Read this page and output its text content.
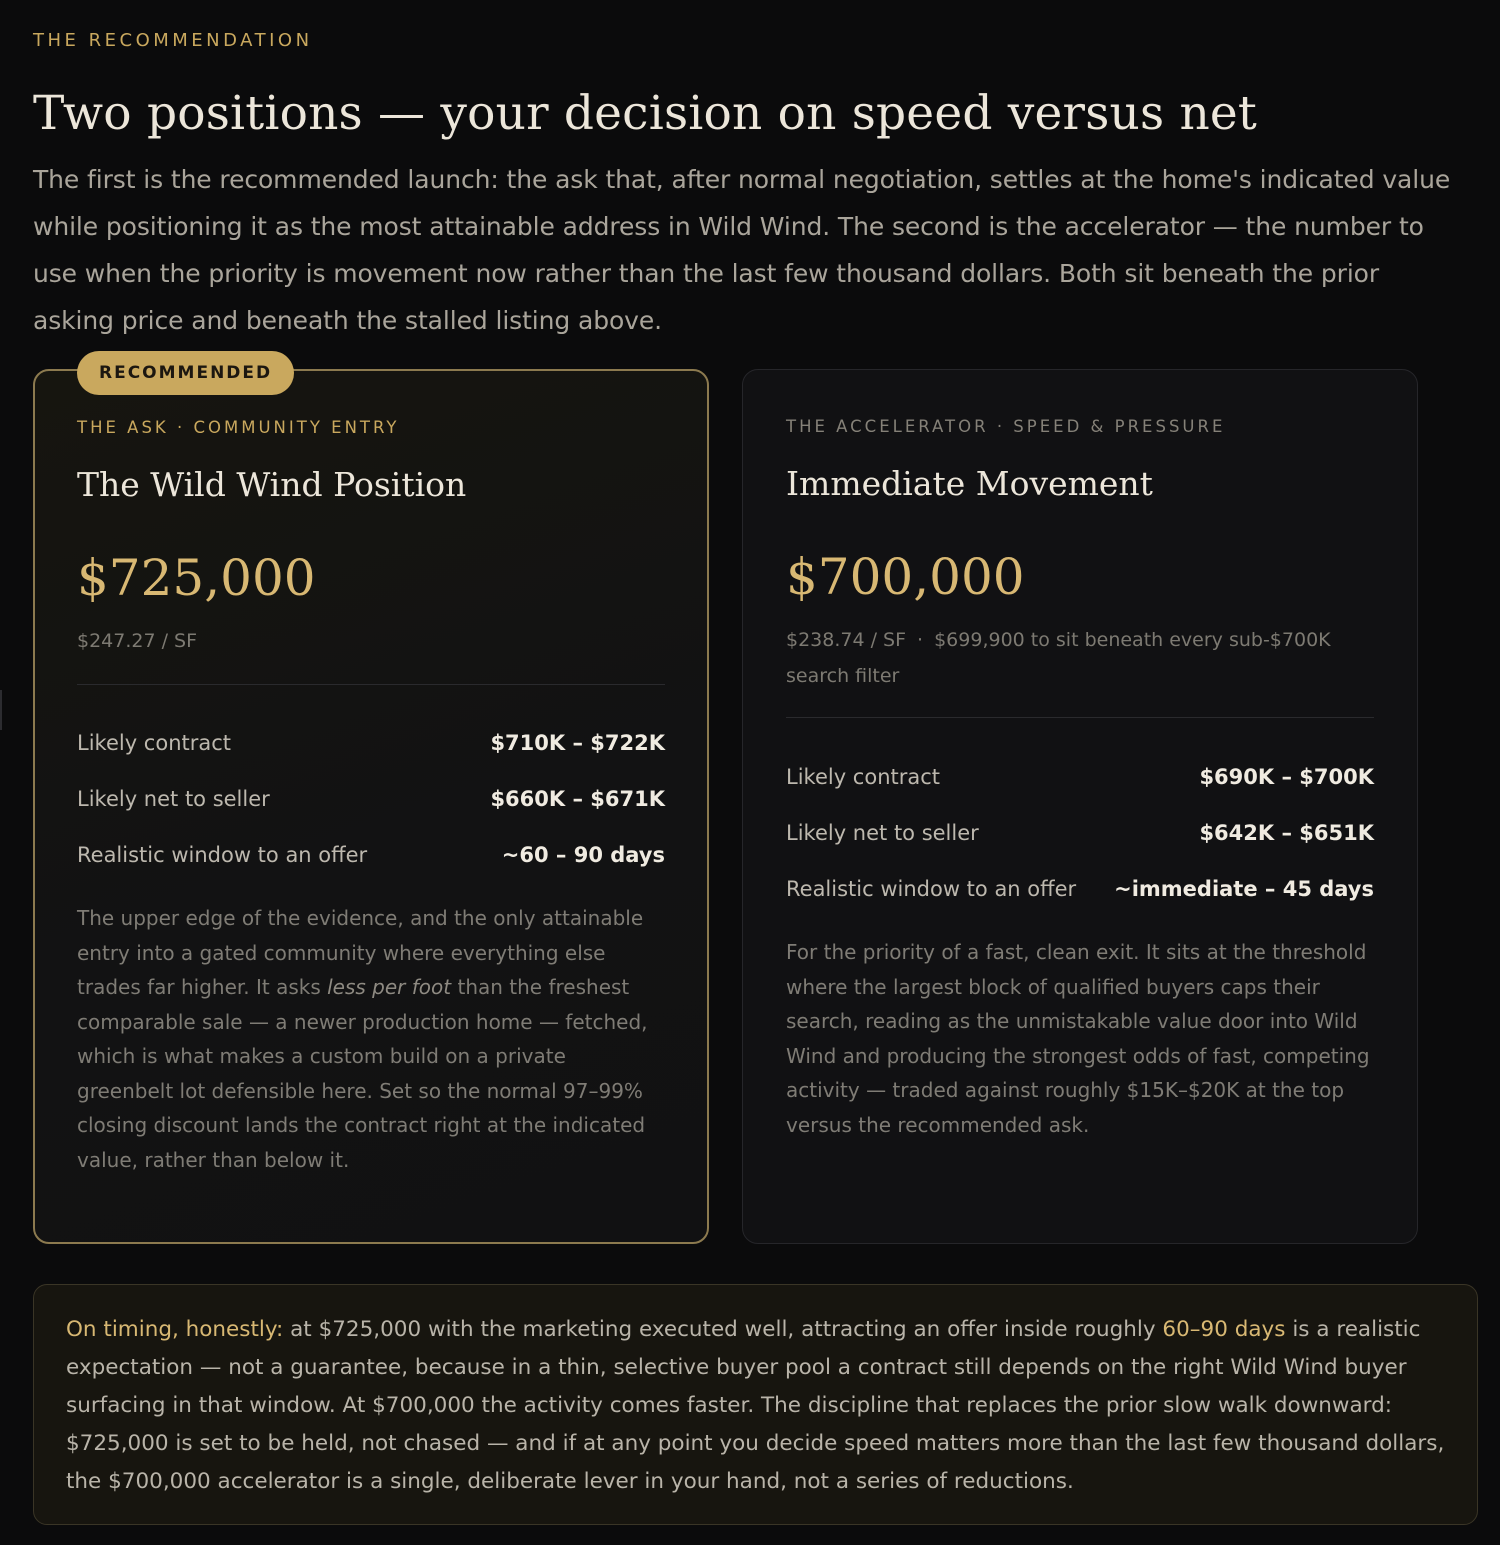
THE RECOMMENDATION
Two positions — your decision on speed versus net

The first is the recommended launch: the ask that, after normal negotiation, settles at the home's indicated value while positioning it as the most attainable address in Wild Wind. The second is the accelerator — the number to use when the priority is movement now rather than the last few thousand dollars. Both sit beneath the prior asking price and beneath the stalled listing above.

RECOMMENDED
THE ASK · COMMUNITY ENTRY
The Wild Wind Position
$725,000
$247.27 / SF
Likely contract	$710K – $722K
Likely net to seller	$660K – $671K
Realistic window to an offer	~60 – 90 days

The upper edge of the evidence, and the only attainable entry into a gated community where everything else trades far higher. It asks less per foot than the freshest comparable sale — a newer production home — fetched, which is what makes a custom build on a private greenbelt lot defensible here. Set so the normal 97–99% closing discount lands the contract right at the indicated value, rather than below it.

THE ACCELERATOR · SPEED & PRESSURE
Immediate Movement
$700,000
$238.74 / SF · $699,900 to sit beneath every sub-$700K search filter
Likely contract	$690K – $700K
Likely net to seller	$642K – $651K
Realistic window to an offer ~immediate – 45 days

For the priority of a fast, clean exit. It sits at the threshold where the largest block of qualified buyers caps their search, reading as the unmistakable value door into Wild Wind and producing the strongest odds of fast, competing activity — traded against roughly $15K–$20K at the top versus the recommended ask.

On timing, honestly: at $725,000 with the marketing executed well, attracting an offer inside roughly 60–90 days is a realistic expectation — not a guarantee, because in a thin, selective buyer pool a contract still depends on the right Wild Wind buyer surfacing in that window. At $700,000 the activity comes faster. The discipline that replaces the prior slow walk downward: $725,000 is set to be held, not chased — and if at any point you decide speed matters more than the last few thousand dollars, the $700,000 accelerator is a single, deliberate lever in your hand, not a series of reductions.
